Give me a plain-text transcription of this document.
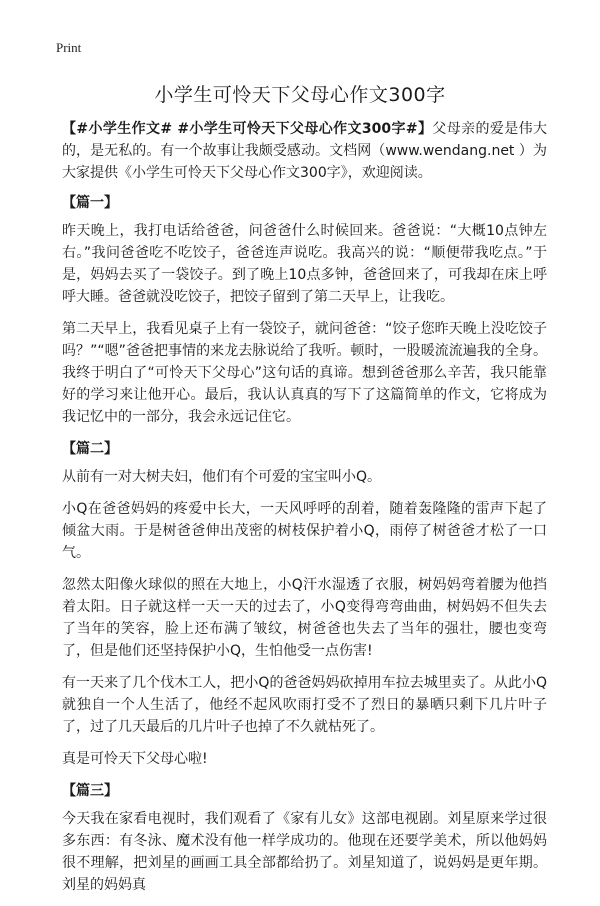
Print
小学生可怜天下父母心作文300字

【#小学生作文# #小学生可怜天下父母心作文300字#】父母亲的爱是伟大的，是无私的。有一个故事让我颇受感动。文档网（www.wendang.net ）为大家提供《小学生可怜天下父母心作文300字》，欢迎阅读。

【篇一】

昨天晚上，我打电话给爸爸，问爸爸什么时候回来。爸爸说：“大概10点钟左右。”我问爸爸吃不吃饺子，爸爸连声说吃。我高兴的说：“顺便带我吃点。”于是，妈妈去买了一袋饺子。到了晚上10点多钟，爸爸回来了，可我却在床上呼呼大睡。爸爸就没吃饺子，把饺子留到了第二天早上，让我吃。

第二天早上，我看见桌子上有一袋饺子，就问爸爸：“饺子您昨天晚上没吃饺子吗？”“嗯”爸爸把事情的来龙去脉说给了我听。顿时，一股暖流流遍我的全身。我终于明白了“可怜天下父母心”这句话的真谛。想到爸爸那么辛苦，我只能靠好的学习来让他开心。最后，我认认真真的写下了这篇简单的作文，它将成为我记忆中的一部分，我会永远记住它。

【篇二】

从前有一对大树夫妇，他们有个可爱的宝宝叫小Q。

小Q在爸爸妈妈的疼爱中长大，一天风呼呼的刮着，随着轰隆隆的雷声下起了倾盆大雨。于是树爸爸伸出茂密的树枝保护着小Q，雨停了树爸爸才松了一口气。

忽然太阳像火球似的照在大地上，小Q汗水湿透了衣服，树妈妈弯着腰为他挡着太阳。日子就这样一天一天的过去了，小Q变得弯弯曲曲，树妈妈不但失去了当年的笑容，脸上还布满了皱纹，树爸爸也失去了当年的强壮，腰也变弯了，但是他们还坚持保护小Q，生怕他受一点伤害!

有一天来了几个伐木工人，把小Q的爸爸妈妈砍掉用车拉去城里卖了。从此小Q就独自一个人生活了，他经不起风吹雨打受不了烈日的暴晒只剩下几片叶子了，过了几天最后的几片叶子也掉了不久就枯死了。

真是可怜天下父母心啦!

【篇三】

今天我在家看电视时，我们观看了《家有儿女》这部电视剧。刘星原来学过很多东西：有冬泳、魔术没有他一样学成功的。他现在还要学美术，所以他妈妈很不理解，把刘星的画画工具全部都给扔了。刘星知道了，说妈妈是更年期。刘星的妈妈真
